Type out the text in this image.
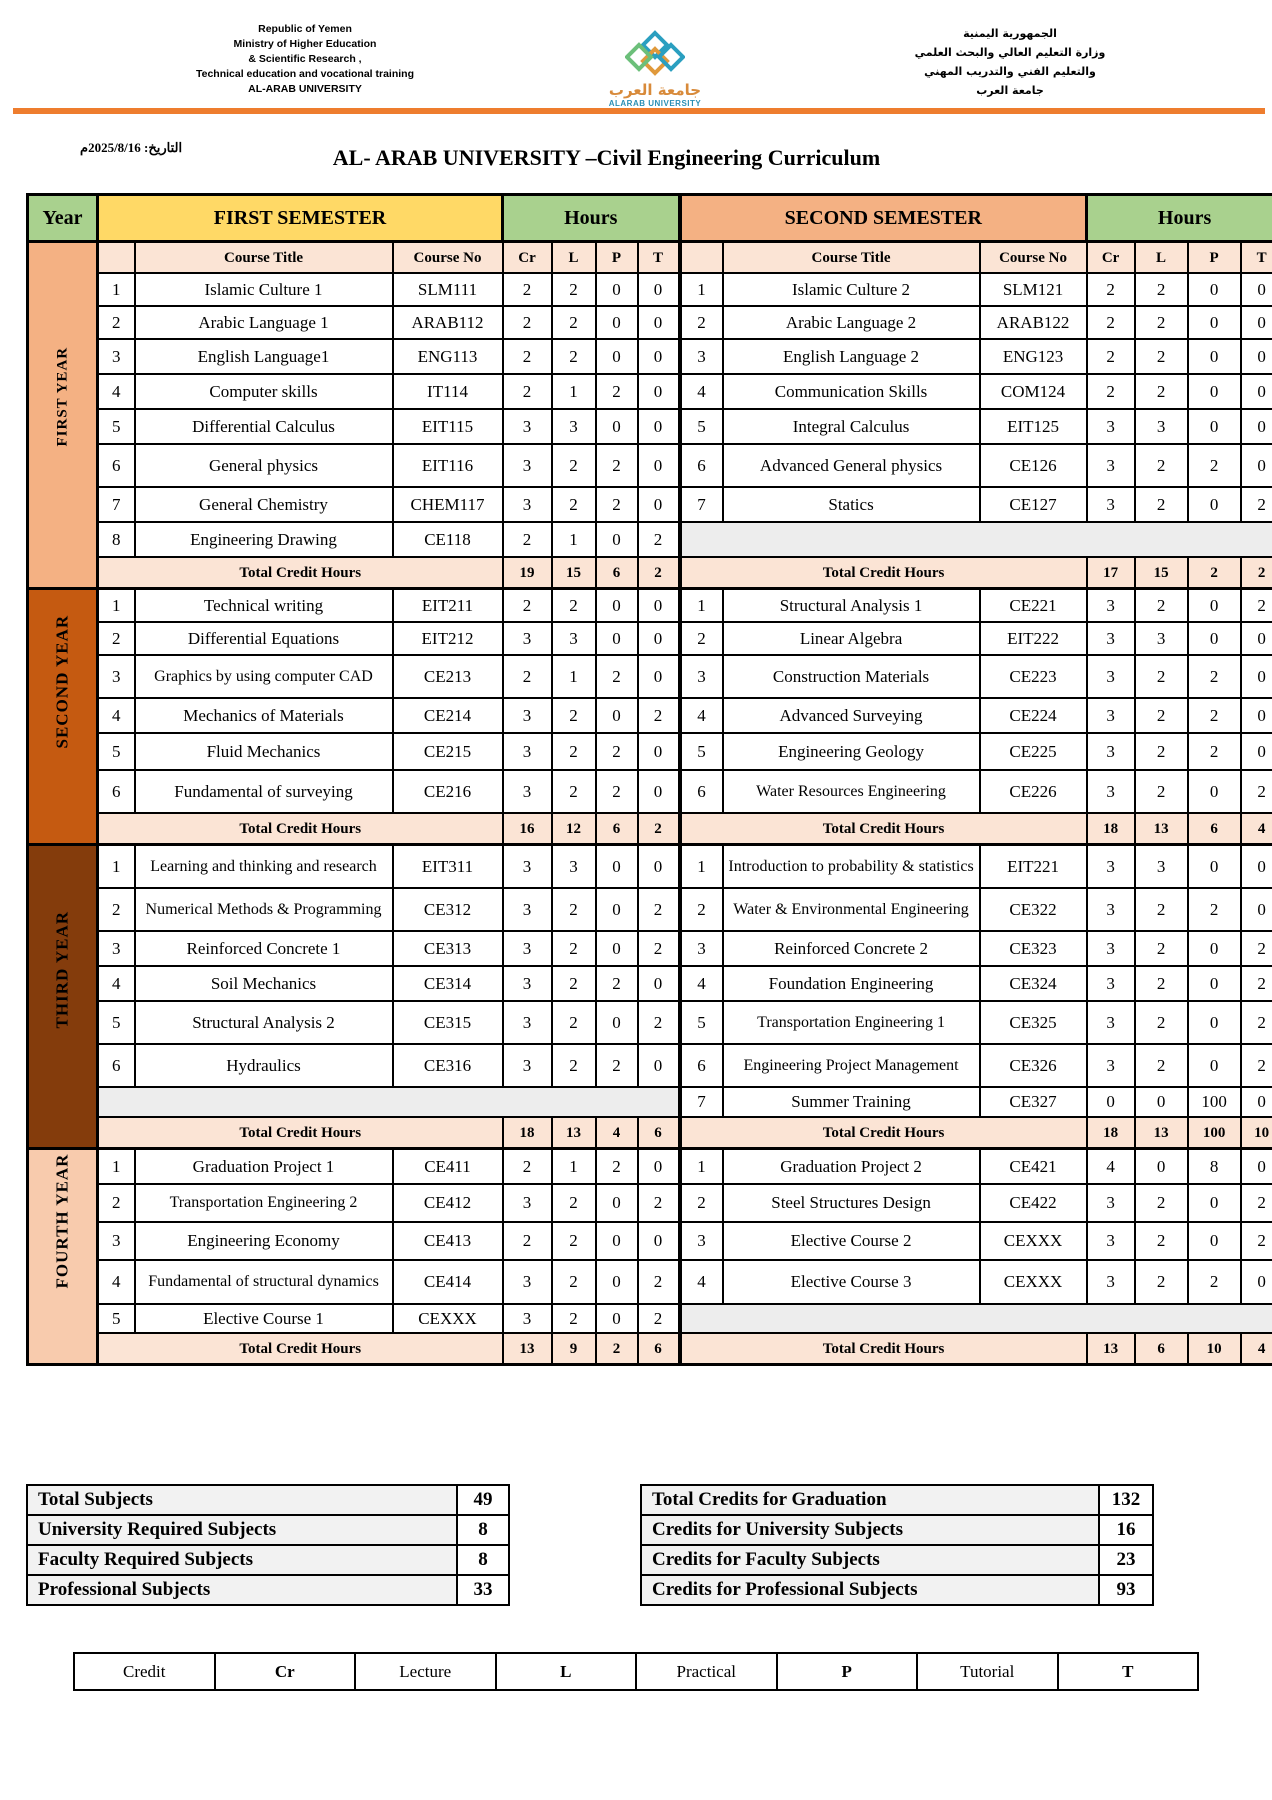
Republic of Yemen
Ministry of Higher Education
& Scientific Research ,
Technical education and vocational training
AL-ARAB UNIVERSITY	جامعة العرب
ALARAB UNIVERSITY
الجمهورية اليمنية
وزارة التعليم العالي والبحث العلمي
والتعليم الفني والتدريب المهني
جامعة العرب
التاريخ: 2025/8/16م	AL- ARAB UNIVERSITY –Civil Engineering Curriculum
Year	FIRST SEMESTER			Hours				SECOND SEMESTER			Hours			

FIRST YEAR		Course Title	Course No	Cr	L	P	T		Course Title	Course No	Cr	L	P	T
	1	Islamic Culture 1	SLM111	2	2	0	0	1	Islamic Culture 2	SLM121	2	2	0	0
	2	Arabic Language 1	ARAB112	2	2	0	0	2	Arabic Language 2	ARAB122	2	2	0	0
	3	English Language1	ENG113	2	2	0	0	3	English Language 2	ENG123	2	2	0	0
	4	Computer skills	IT114	2	1	2	0	4	Communication Skills	COM124	2	2	0	0
	5	Differential Calculus	EIT115	3	3	0	0	5	Integral Calculus	EIT125	3	3	0	0
	6	General physics	EIT116	3	2	2	0	6	Advanced General physics	CE126	3	2	2	0
	7	General Chemistry	CHEM117	3	2	2	0	7	Statics	CE127	3	2	0	2
	8	Engineering Drawing	CE118	2	1	0	2							
	Total Credit Hours			19	15	6	2	Total Credit Hours			17	15	2	2

SECOND YEAR	1	Technical writing	EIT211	2	2	0	0	1	Structural Analysis 1	CE221	3	2	0	2
	2	Differential Equations	EIT212	3	3	0	0	2	Linear Algebra	EIT222	3	3	0	0
	3	Graphics by using computer CAD	CE213	2	1	2	0	3	Construction Materials	CE223	3	2	2	0
	4	Mechanics of Materials	CE214	3	2	0	2	4	Advanced Surveying	CE224	3	2	2	0
	5	Fluid Mechanics	CE215	3	2	2	0	5	Engineering Geology	CE225	3	2	2	0
	6	Fundamental of surveying	CE216	3	2	2	0	6	Water Resources Engineering	CE226	3	2	0	2
	Total Credit Hours			16	12	6	2	Total Credit Hours			18	13	6	4

THIRD YEAR	1	Learning and thinking and research	EIT311	3	3	0	0	1	Introduction to probability & statistics	EIT221	3	3	0	0
	2	Numerical Methods & Programming	CE312	3	2	0	2	2	Water & Environmental Engineering	CE322	3	2	2	0
	3	Reinforced Concrete 1	CE313	3	2	0	2	3	Reinforced Concrete 2	CE323	3	2	0	2
	4	Soil Mechanics	CE314	3	2	2	0	4	Foundation Engineering	CE324	3	2	0	2
	5	Structural Analysis 2	CE315	3	2	0	2	5	Transportation Engineering 1	CE325	3	2	0	2
	6	Hydraulics	CE316	3	2	2	0	6	Engineering Project Management	CE326	3	2	0	2
								7	Summer Training	CE327	0	0	100	0
	Total Credit Hours			18	13	4	6	Total Credit Hours			18	13	100	10

FOURTH YEAR	1	Graduation Project 1	CE411	2	1	2	0	1	Graduation Project 2	CE421	4	0	8	0
	2	Transportation Engineering 2	CE412	3	2	0	2	2	Steel Structures Design	CE422	3	2	0	2
	3	Engineering Economy	CE413	2	2	0	0	3	Elective Course 2	CEXXX	3	2	0	2
	4	Fundamental of structural dynamics	CE414	3	2	0	2	4	Elective Course 3	CEXXX	3	2	2	0
	5	Elective Course 1	CEXXX	3	2	0	2							
	Total Credit Hours			13	9	2	6	Total Credit Hours			13	6	10	4
Total Subjects	49
University Required Subjects	8
Faculty Required Subjects	8
Professional Subjects	33
Total Credits for Graduation	132
Credits for University Subjects	16
Credits for Faculty Subjects	23
Credits for Professional Subjects	93
Credit	Cr	Lecture	L	Practical	P	Tutorial	T
